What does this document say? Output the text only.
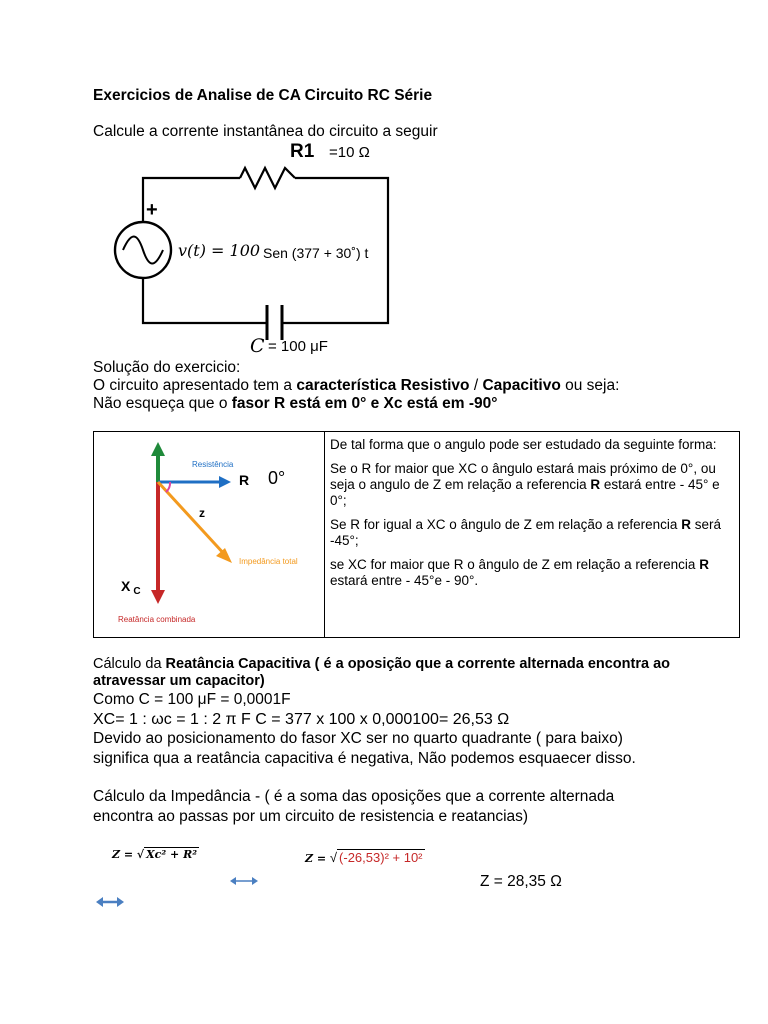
Exercicios de Analise de CA Circuito RC Série
Calcule a corrente instantânea do circuito a seguir
R1 =10 Ω
+
v(t) = 100 Sen (377 + 30˚) t
C = 100 μF
Solução do exercicio:
O circuito apresentado tem a característica Resistivo / Capacitivo ou seja:
Não esqueça que o fasor R está em 0° e Xc está em -90°
Resistência
R 0°
z
Impedância total
X $_C$
Reatância combinada

De tal forma que o angulo pode ser estudado da seguinte forma:

Se o R for maior que XC o ângulo estará mais próximo de 0°, ou seja o angulo de Z em relação a referencia R estará entre - 45° e 0°;

Se R for igual a XC o ângulo de Z em relação a referencia R será -45°;

se XC for maior que R o ângulo de Z em relação a referencia R estará entre - 45°e - 90°.

Cálculo da Reatância Capacitiva ( é a oposição que a corrente alternada encontra ao
atravessar um capacitor)
Como C = 100 μF = 0,0001F
XC= 1 : ωc = 1 : 2 π F C = 377 x 100 x 0,000100= 26,53 Ω
Devido ao posicionamento do fasor XC ser no quarto quadrante ( para baixo)
significa qua a reatância capacitiva é negativa, Não podemos esquaecer disso.
Cálculo da Impedância - ( é a soma das oposições que a corrente alternada
encontra ao passas por um circuito de resistencia e reatancias)
Z = √ Xc² + R²	Z = √ (-26,53)² + 10²
Z = 28,35 Ω
